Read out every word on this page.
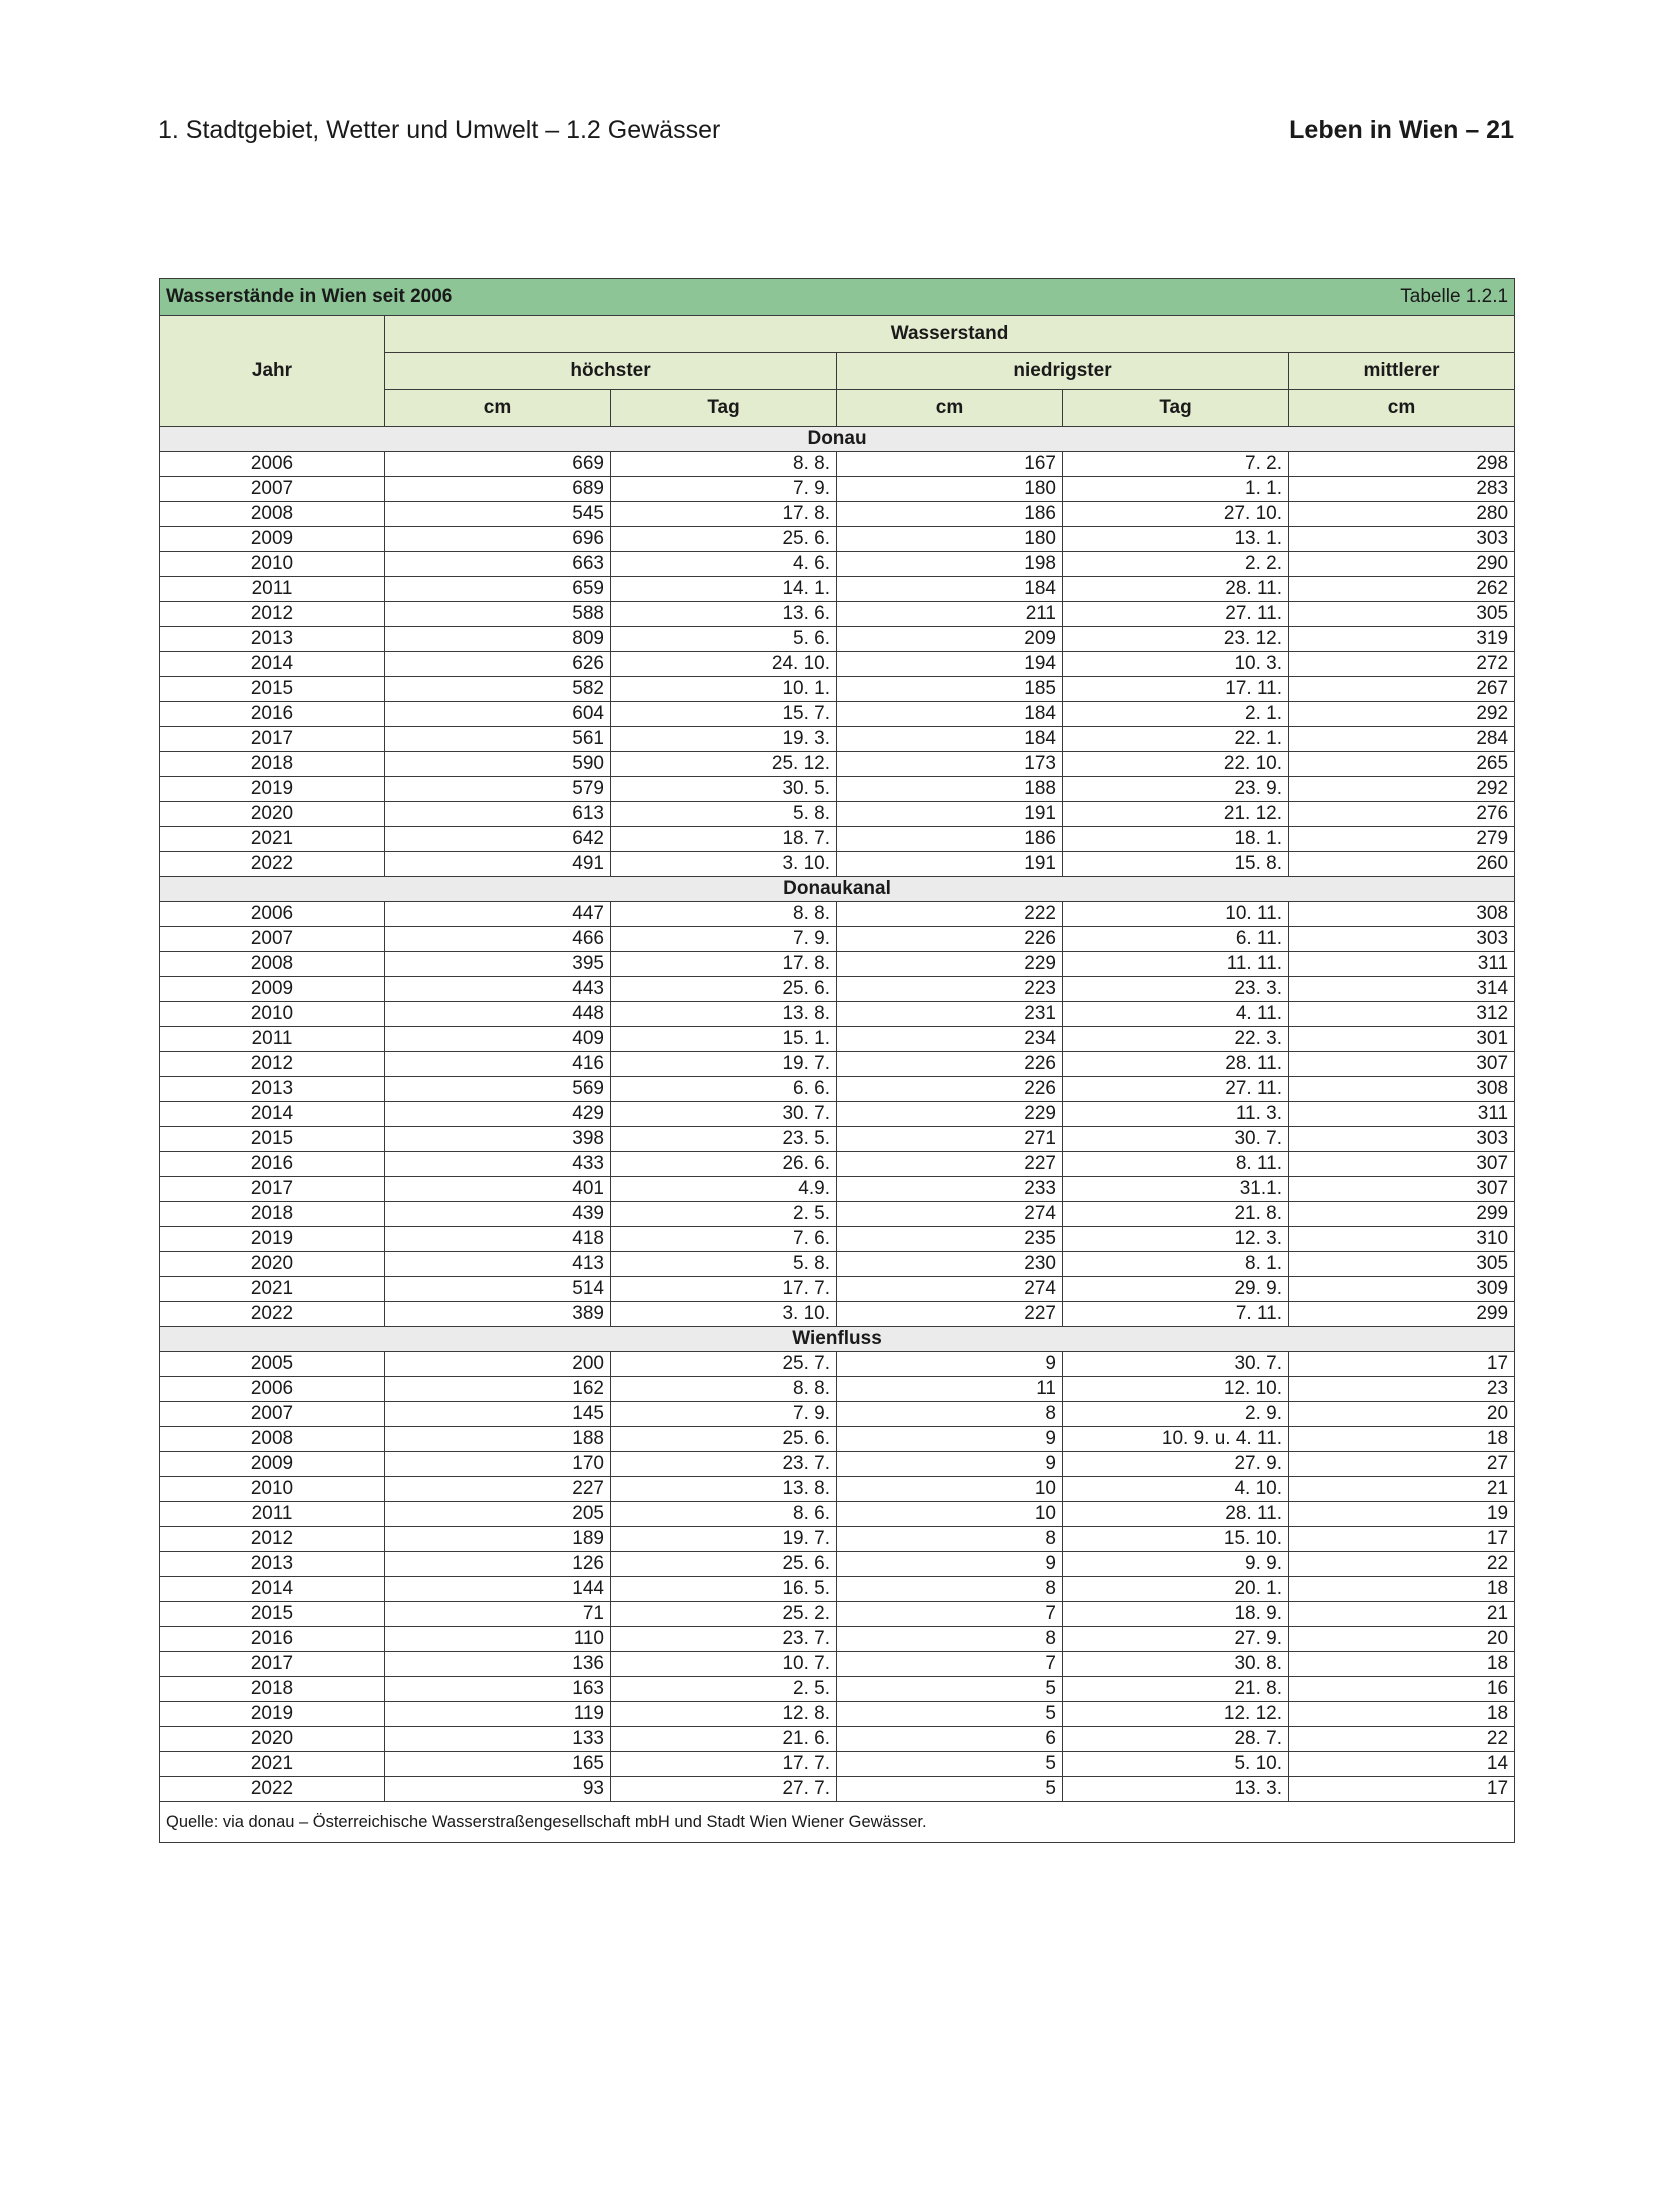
1. Stadtgebiet, Wetter und Umwelt – 1.2 Gewässer	Leben in Wien – 21
Wasserstände in Wien seit 2006 Tabelle 1.2.1					

Jahr	Wasserstand				
	höchster		niedrigster		mittlerer
	cm	Tag	cm	Tag	cm
Donau					
2006	669	8. 8.	167	7. 2.	298
2007	689	7. 9.	180	1. 1.	283
2008	545	17. 8.	186	27. 10.	280
2009	696	25. 6.	180	13. 1.	303
2010	663	4. 6.	198	2. 2.	290
2011	659	14. 1.	184	28. 11.	262
2012	588	13. 6.	211	27. 11.	305
2013	809	5. 6.	209	23. 12.	319
2014	626	24. 10.	194	10. 3.	272
2015	582	10. 1.	185	17. 11.	267
2016	604	15. 7.	184	2. 1.	292
2017	561	19. 3.	184	22. 1.	284
2018	590	25. 12.	173	22. 10.	265
2019	579	30. 5.	188	23. 9.	292
2020	613	5. 8.	191	21. 12.	276
2021	642	18. 7.	186	18. 1.	279
2022	491	3. 10.	191	15. 8.	260
Donaukanal					
2006	447	8. 8.	222	10. 11.	308
2007	466	7. 9.	226	6. 11.	303
2008	395	17. 8.	229	11. 11.	311
2009	443	25. 6.	223	23. 3.	314
2010	448	13. 8.	231	4. 11.	312
2011	409	15. 1.	234	22. 3.	301
2012	416	19. 7.	226	28. 11.	307
2013	569	6. 6.	226	27. 11.	308
2014	429	30. 7.	229	11. 3.	311
2015	398	23. 5.	271	30. 7.	303
2016	433	26. 6.	227	8. 11.	307
2017	401	4.9.	233	31.1.	307
2018	439	2. 5.	274	21. 8.	299
2019	418	7. 6.	235	12. 3.	310
2020	413	5. 8.	230	8. 1.	305
2021	514	17. 7.	274	29. 9.	309
2022	389	3. 10.	227	7. 11.	299
Wienfluss					
2005	200	25. 7.	9	30. 7.	17
2006	162	8. 8.	11	12. 10.	23
2007	145	7. 9.	8	2. 9.	20
2008	188	25. 6.	9	10. 9. u. 4. 11.	18
2009	170	23. 7.	9	27. 9.	27
2010	227	13. 8.	10	4. 10.	21
2011	205	8. 6.	10	28. 11.	19
2012	189	19. 7.	8	15. 10.	17
2013	126	25. 6.	9	9. 9.	22
2014	144	16. 5.	8	20. 1.	18
2015	71	25. 2.	7	18. 9.	21
2016	110	23. 7.	8	27. 9.	20
2017	136	10. 7.	7	30. 8.	18
2018	163	2. 5.	5	21. 8.	16
2019	119	12. 8.	5	12. 12.	18
2020	133	21. 6.	6	28. 7.	22
2021	165	17. 7.	5	5. 10.	14
2022	93	27. 7.	5	13. 3.	17
Quelle: via donau – Österreichische Wasserstraßengesellschaft mbH und Stadt Wien Wiener Gewässer.					
